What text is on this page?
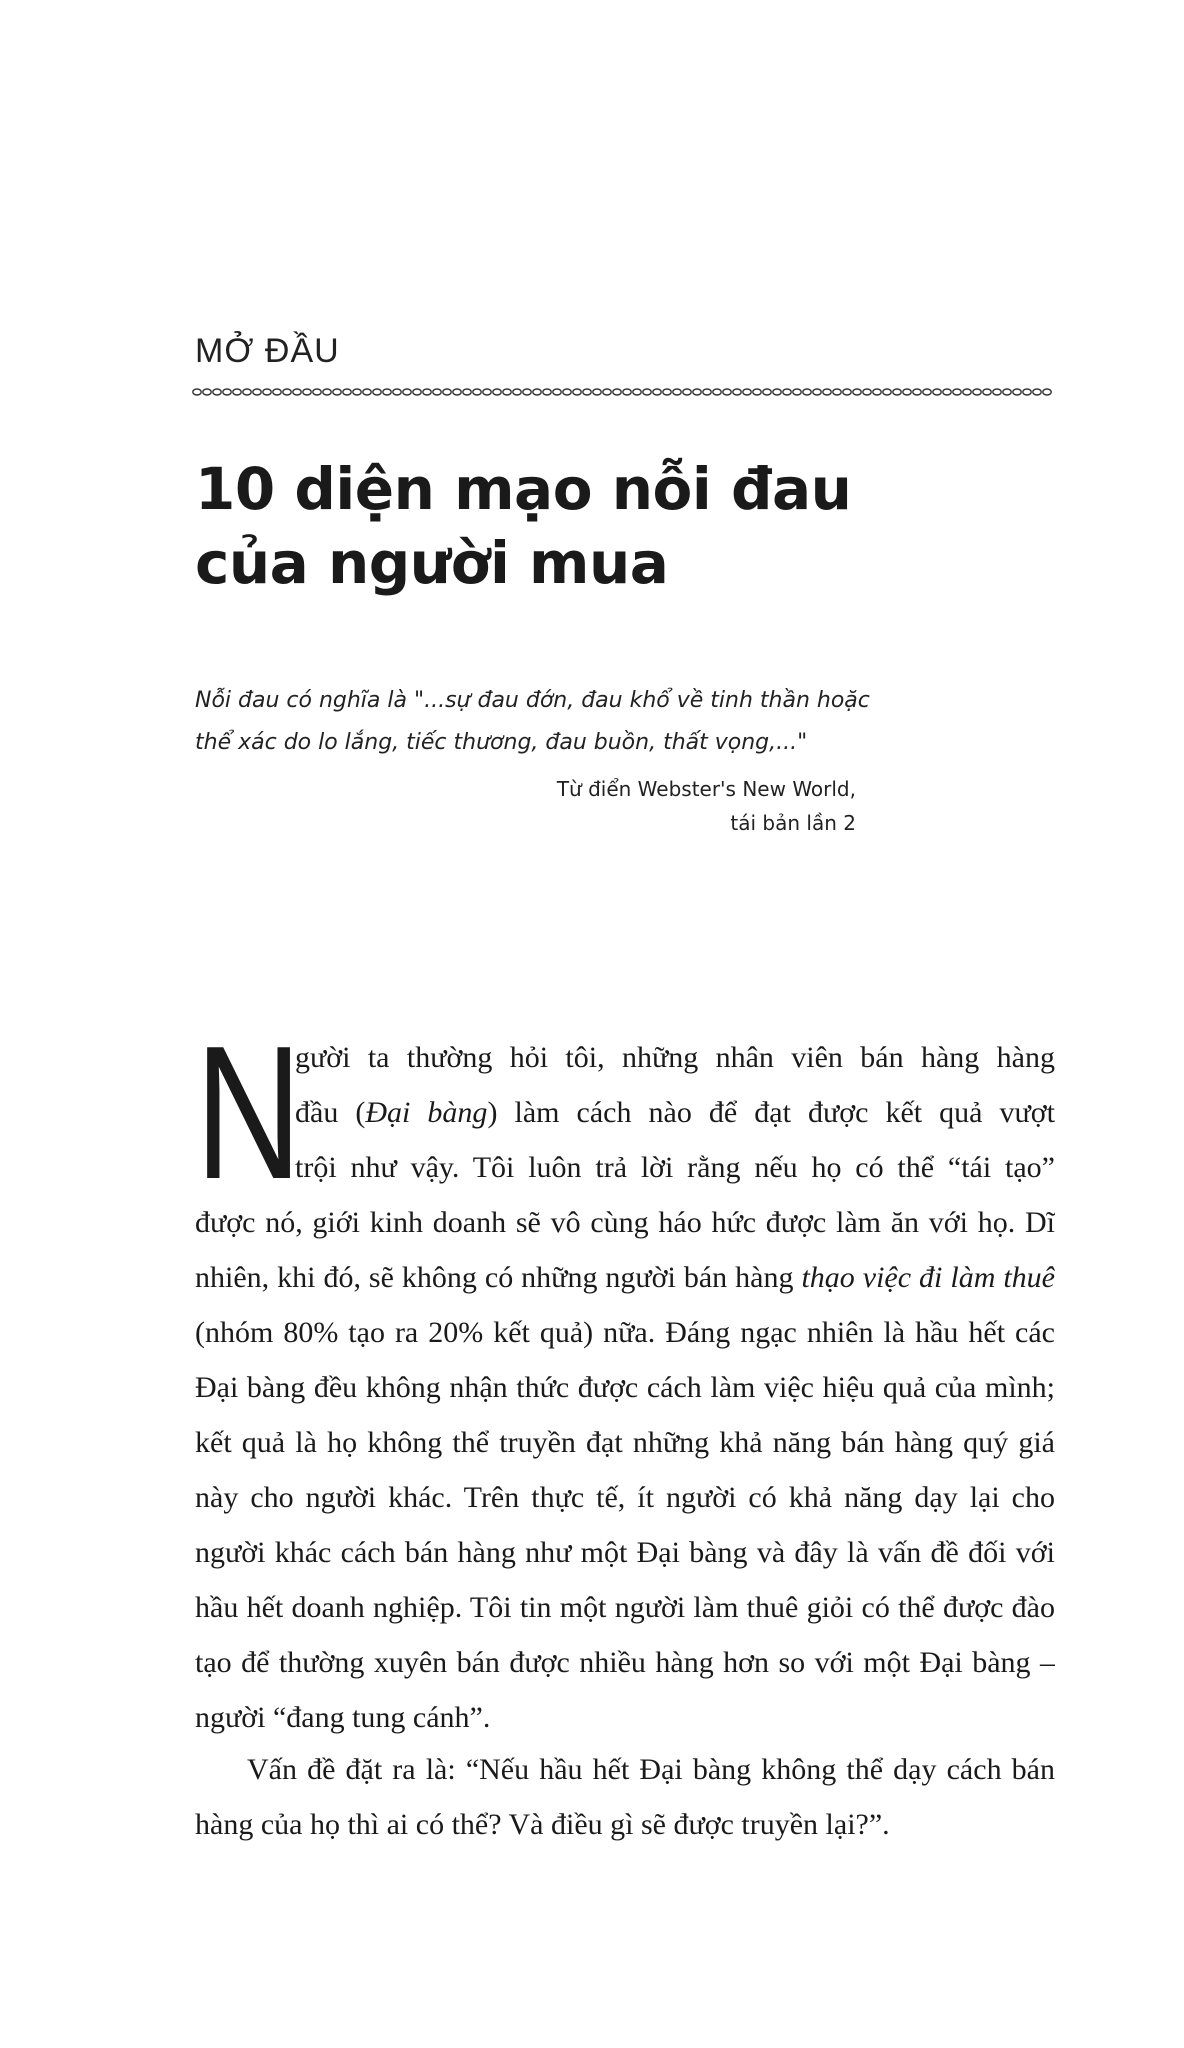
MỞ ĐẦU
10 diện mạo nỗi đau
của người mua
Nỗi đau có nghĩa là "...sự đau đớn, đau khổ về tinh thần hoặc
thể xác do lo lắng, tiếc thương, đau buồn, thất vọng,..."
Từ điển Webster's New World,
tái bản lần 2
N
gười ta thường hỏi tôi, những nhân viên bán hàng hàng
đầu (Đại bàng) làm cách nào để đạt được kết quả vượt
trội như vậy. Tôi luôn trả lời rằng nếu họ có thể “tái tạo”
được nó, giới kinh doanh sẽ vô cùng háo hức được làm ăn với họ. Dĩ
nhiên, khi đó, sẽ không có những người bán hàng thạo việc đi làm thuê
(nhóm 80% tạo ra 20% kết quả) nữa. Đáng ngạc nhiên là hầu hết các
Đại bàng đều không nhận thức được cách làm việc hiệu quả của mình;
kết quả là họ không thể truyền đạt những khả năng bán hàng quý giá
này cho người khác. Trên thực tế, ít người có khả năng dạy lại cho
người khác cách bán hàng như một Đại bàng và đây là vấn đề đối với
hầu hết doanh nghiệp. Tôi tin một người làm thuê giỏi có thể được đào
tạo để thường xuyên bán được nhiều hàng hơn so với một Đại bàng –
người “đang tung cánh”.
Vấn đề đặt ra là: “Nếu hầu hết Đại bàng không thể dạy cách bán
hàng của họ thì ai có thể? Và điều gì sẽ được truyền lại?”.
